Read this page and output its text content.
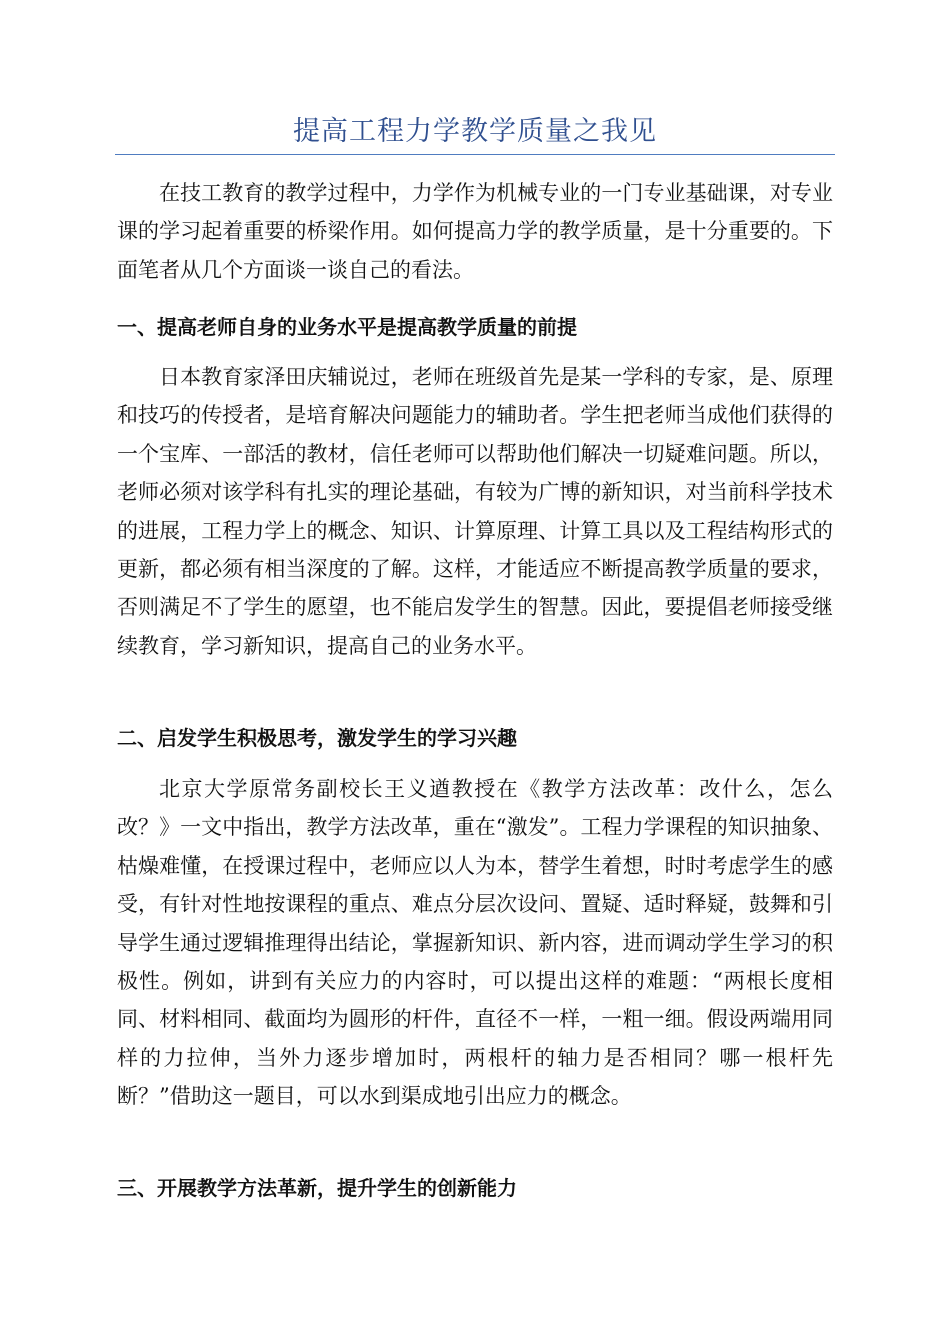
提高工程力学教学质量之我见

在技工教育的教学过程中，力学作为机械专业的一门专业基础课，对专业课的学习起着重要的桥梁作用。如何提高力学的教学质量，是十分重要的。下面笔者从几个方面谈一谈自己的看法。

一、提高老师自身的业务水平是提高教学质量的前提

日本教育家泽田庆辅说过，老师在班级首先是某一学科的专家，是、原理和技巧的传授者，是培育解决问题能力的辅助者。学生把老师当成他们获得的一个宝库、一部活的教材，信任老师可以帮助他们解决一切疑难问题。所以，老师必须对该学科有扎实的理论基础，有较为广博的新知识，对当前科学技术的进展，工程力学上的概念、知识、计算原理、计算工具以及工程结构形式的更新，都必须有相当深度的了解。这样，才能适应不断提高教学质量的要求，否则满足不了学生的愿望，也不能启发学生的智慧。因此，要提倡老师接受继续教育，学习新知识，提高自己的业务水平。

二、启发学生积极思考，激发学生的学习兴趣

北京大学原常务副校长王义遒教授在《教学方法改革：改什么，怎么改？》一文中指出，教学方法改革，重在“激发”。工程力学课程的知识抽象、枯燥难懂，在授课过程中，老师应以人为本，替学生着想，时时考虑学生的感受，有针对性地按课程的重点、难点分层次设问、置疑、适时释疑，鼓舞和引导学生通过逻辑推理得出结论，掌握新知识、新内容，进而调动学生学习的积极性。例如，讲到有关应力的内容时，可以提出这样的难题：“两根长度相同、材料相同、截面均为圆形的杆件，直径不一样，一粗一细。假设两端用同样的力拉伸，当外力逐步增加时，两根杆的轴力是否相同？哪一根杆先断？”借助这一题目，可以水到渠成地引出应力的概念。

三、开展教学方法革新，提升学生的创新能力
